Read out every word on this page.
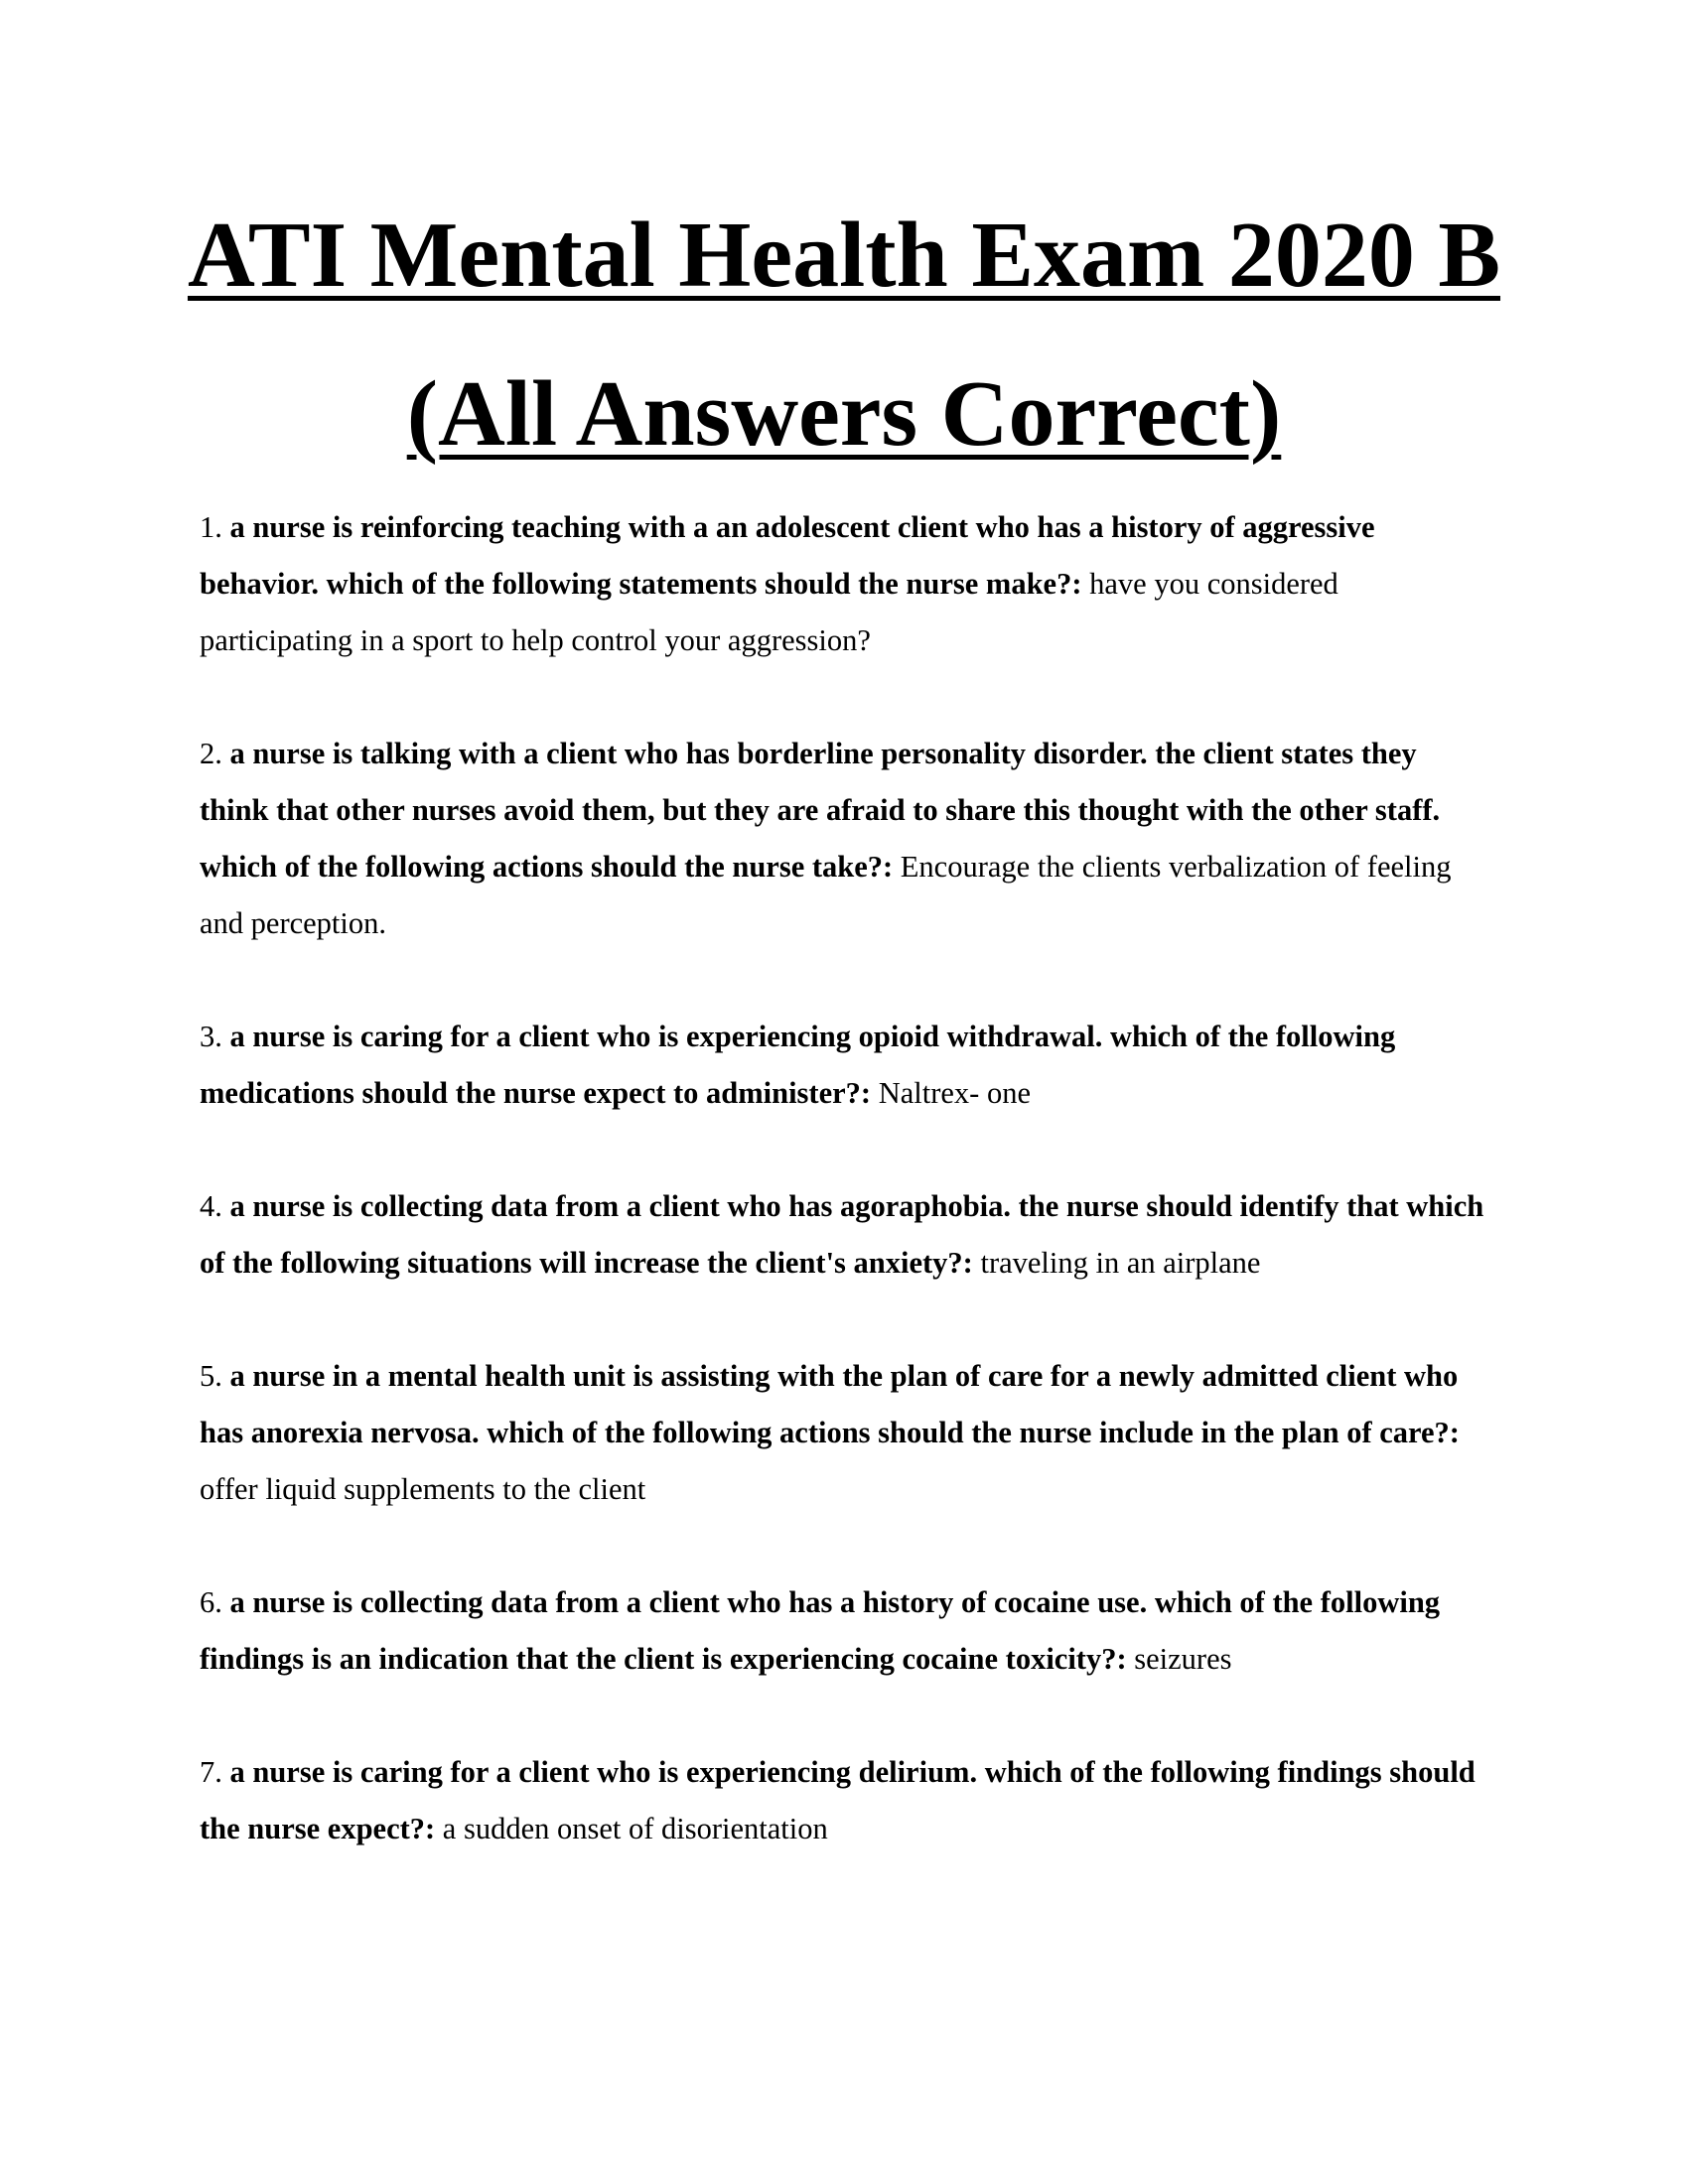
ATI Mental Health Exam 2020 B
(All Answers Correct)

1. a nurse is reinforcing teaching with a an adolescent client who has a history of aggressive behavior. which of the following statements should the nurse make?: have you considered participating in a sport to help control your aggression?

2. a nurse is talking with a client who has borderline personality disorder. the client states they think that other nurses avoid them, but they are afraid to share this thought with the other staff. which of the following actions should the nurse take?: Encourage the clients verbalization of feeling and perception.

3. a nurse is caring for a client who is experiencing opioid withdrawal. which of the following medications should the nurse expect to administer?: Naltrex- one

4. a nurse is collecting data from a client who has agoraphobia. the nurse should identify that which of the following situations will increase the client's anxiety?: traveling in an airplane

5. a nurse in a mental health unit is assisting with the plan of care for a newly admitted client who has anorexia nervosa. which of the following actions should the nurse include in the plan of care?: offer liquid supplements to the client

6. a nurse is collecting data from a client who has a history of cocaine use. which of the following findings is an indication that the client is experiencing cocaine toxicity?: seizures

7. a nurse is caring for a client who is experiencing delirium. which of the following findings should the nurse expect?: a sudden onset of disorientation
